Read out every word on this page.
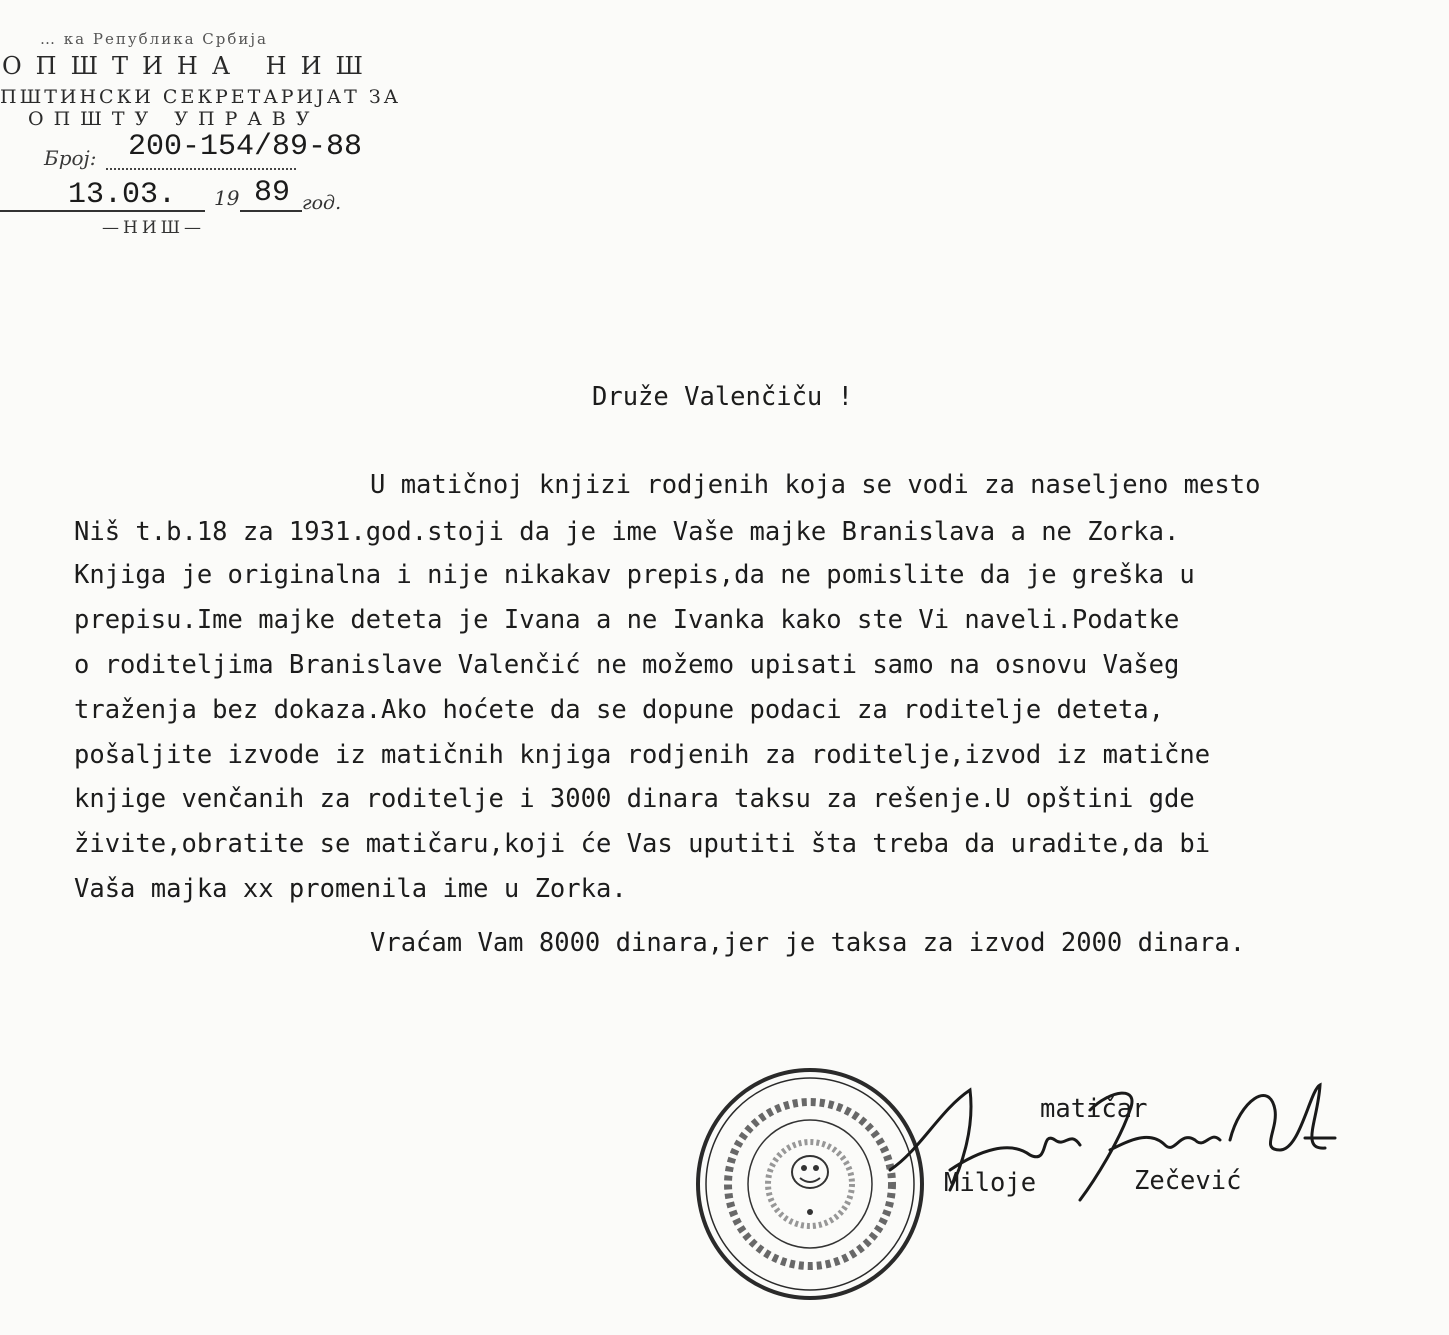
… ка Република Србија
ОПШТИНА НИШ
ПШТИНСКИ СЕКРЕТАРИЈАТ ЗА
ОПШТУ УПРАВУ
Број: 200-154/89-88
13.03. 19 89 год.
—НИШ—
Druže Valenčiču !
U matičnoj knjizi rodjenih koja se vodi za naseljeno mesto
Niš t.b.18 za 1931.god.stoji da je ime Vaše majke Branislava a ne Zorka.
Knjiga je originalna i nije nikakav prepis,da ne pomislite da je greška u
prepisu.Ime majke deteta je Ivana a ne Ivanka kako ste Vi naveli.Podatke
o roditeljima Branislave Valenčić ne možemo upisati samo na osnovu Vašeg
traženja bez dokaza.Ako hoćete da se dopune podaci za roditelje deteta,
pošaljite izvode iz matičnih knjiga rodjenih za roditelje,izvod iz matične
knjige venčanih za roditelje i 3000 dinara taksu za rešenje.U opštini gde
živite,obratite se matičaru,koji će Vas uputiti šta treba da uradite,da bi
Vaša majka xx promenila ime u Zorka.
Vraćam Vam 8000 dinara,jer je taksa za izvod 2000 dinara.
matičar
Miloje	Zečević
